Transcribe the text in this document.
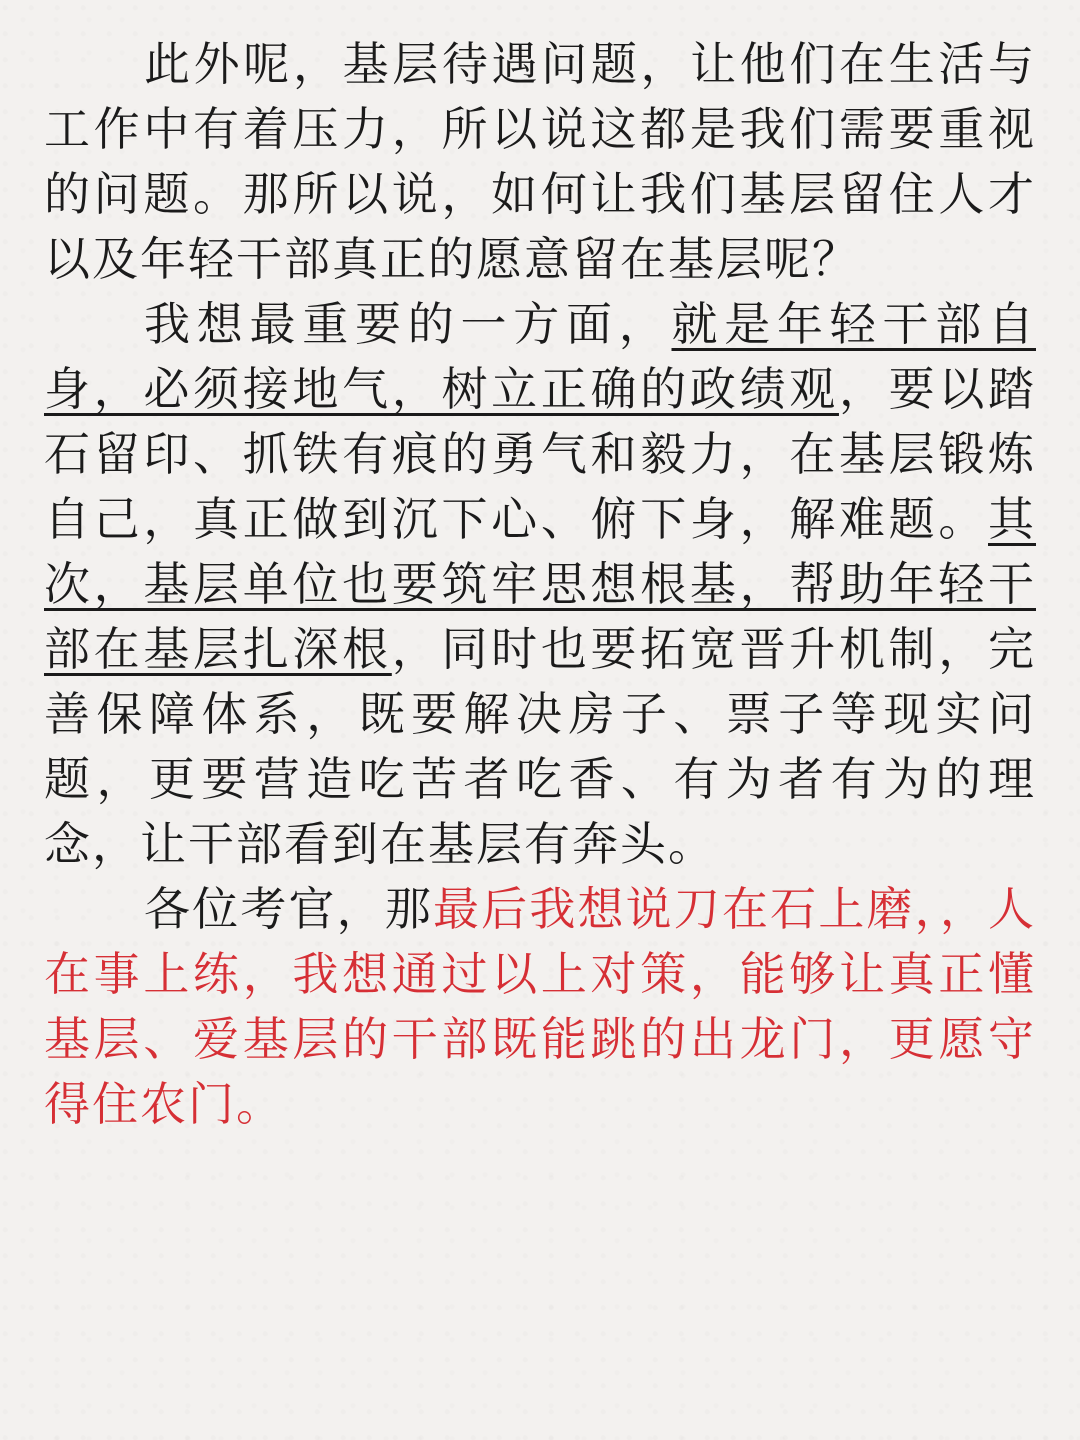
此外呢，基层待遇问题，让他们在生活与工作中有着压力，所以说这都是我们需要重视的问题。那所以说，如何让我们基层留住人才以及年轻干部真正的愿意留在基层呢？

我想最重要的一方面，就是年轻干部自身，必须接地气，树立正确的政绩观，要以踏石留印、抓铁有痕的勇气和毅力，在基层锻炼自己，真正做到沉下心、俯下身，解难题。其次，基层单位也要筑牢思想根基，帮助年轻干部在基层扎深根，同时也要拓宽晋升机制，完善保障体系，既要解决房子、票子等现实问题，更要营造吃苦者吃香、有为者有为的理念，让干部看到在基层有奔头。

各位考官，那最后我想说刀在石上磨，，人在事上练，我想通过以上对策，能够让真正懂基层、爱基层的干部既能跳的出龙门，更愿守得住农门。
